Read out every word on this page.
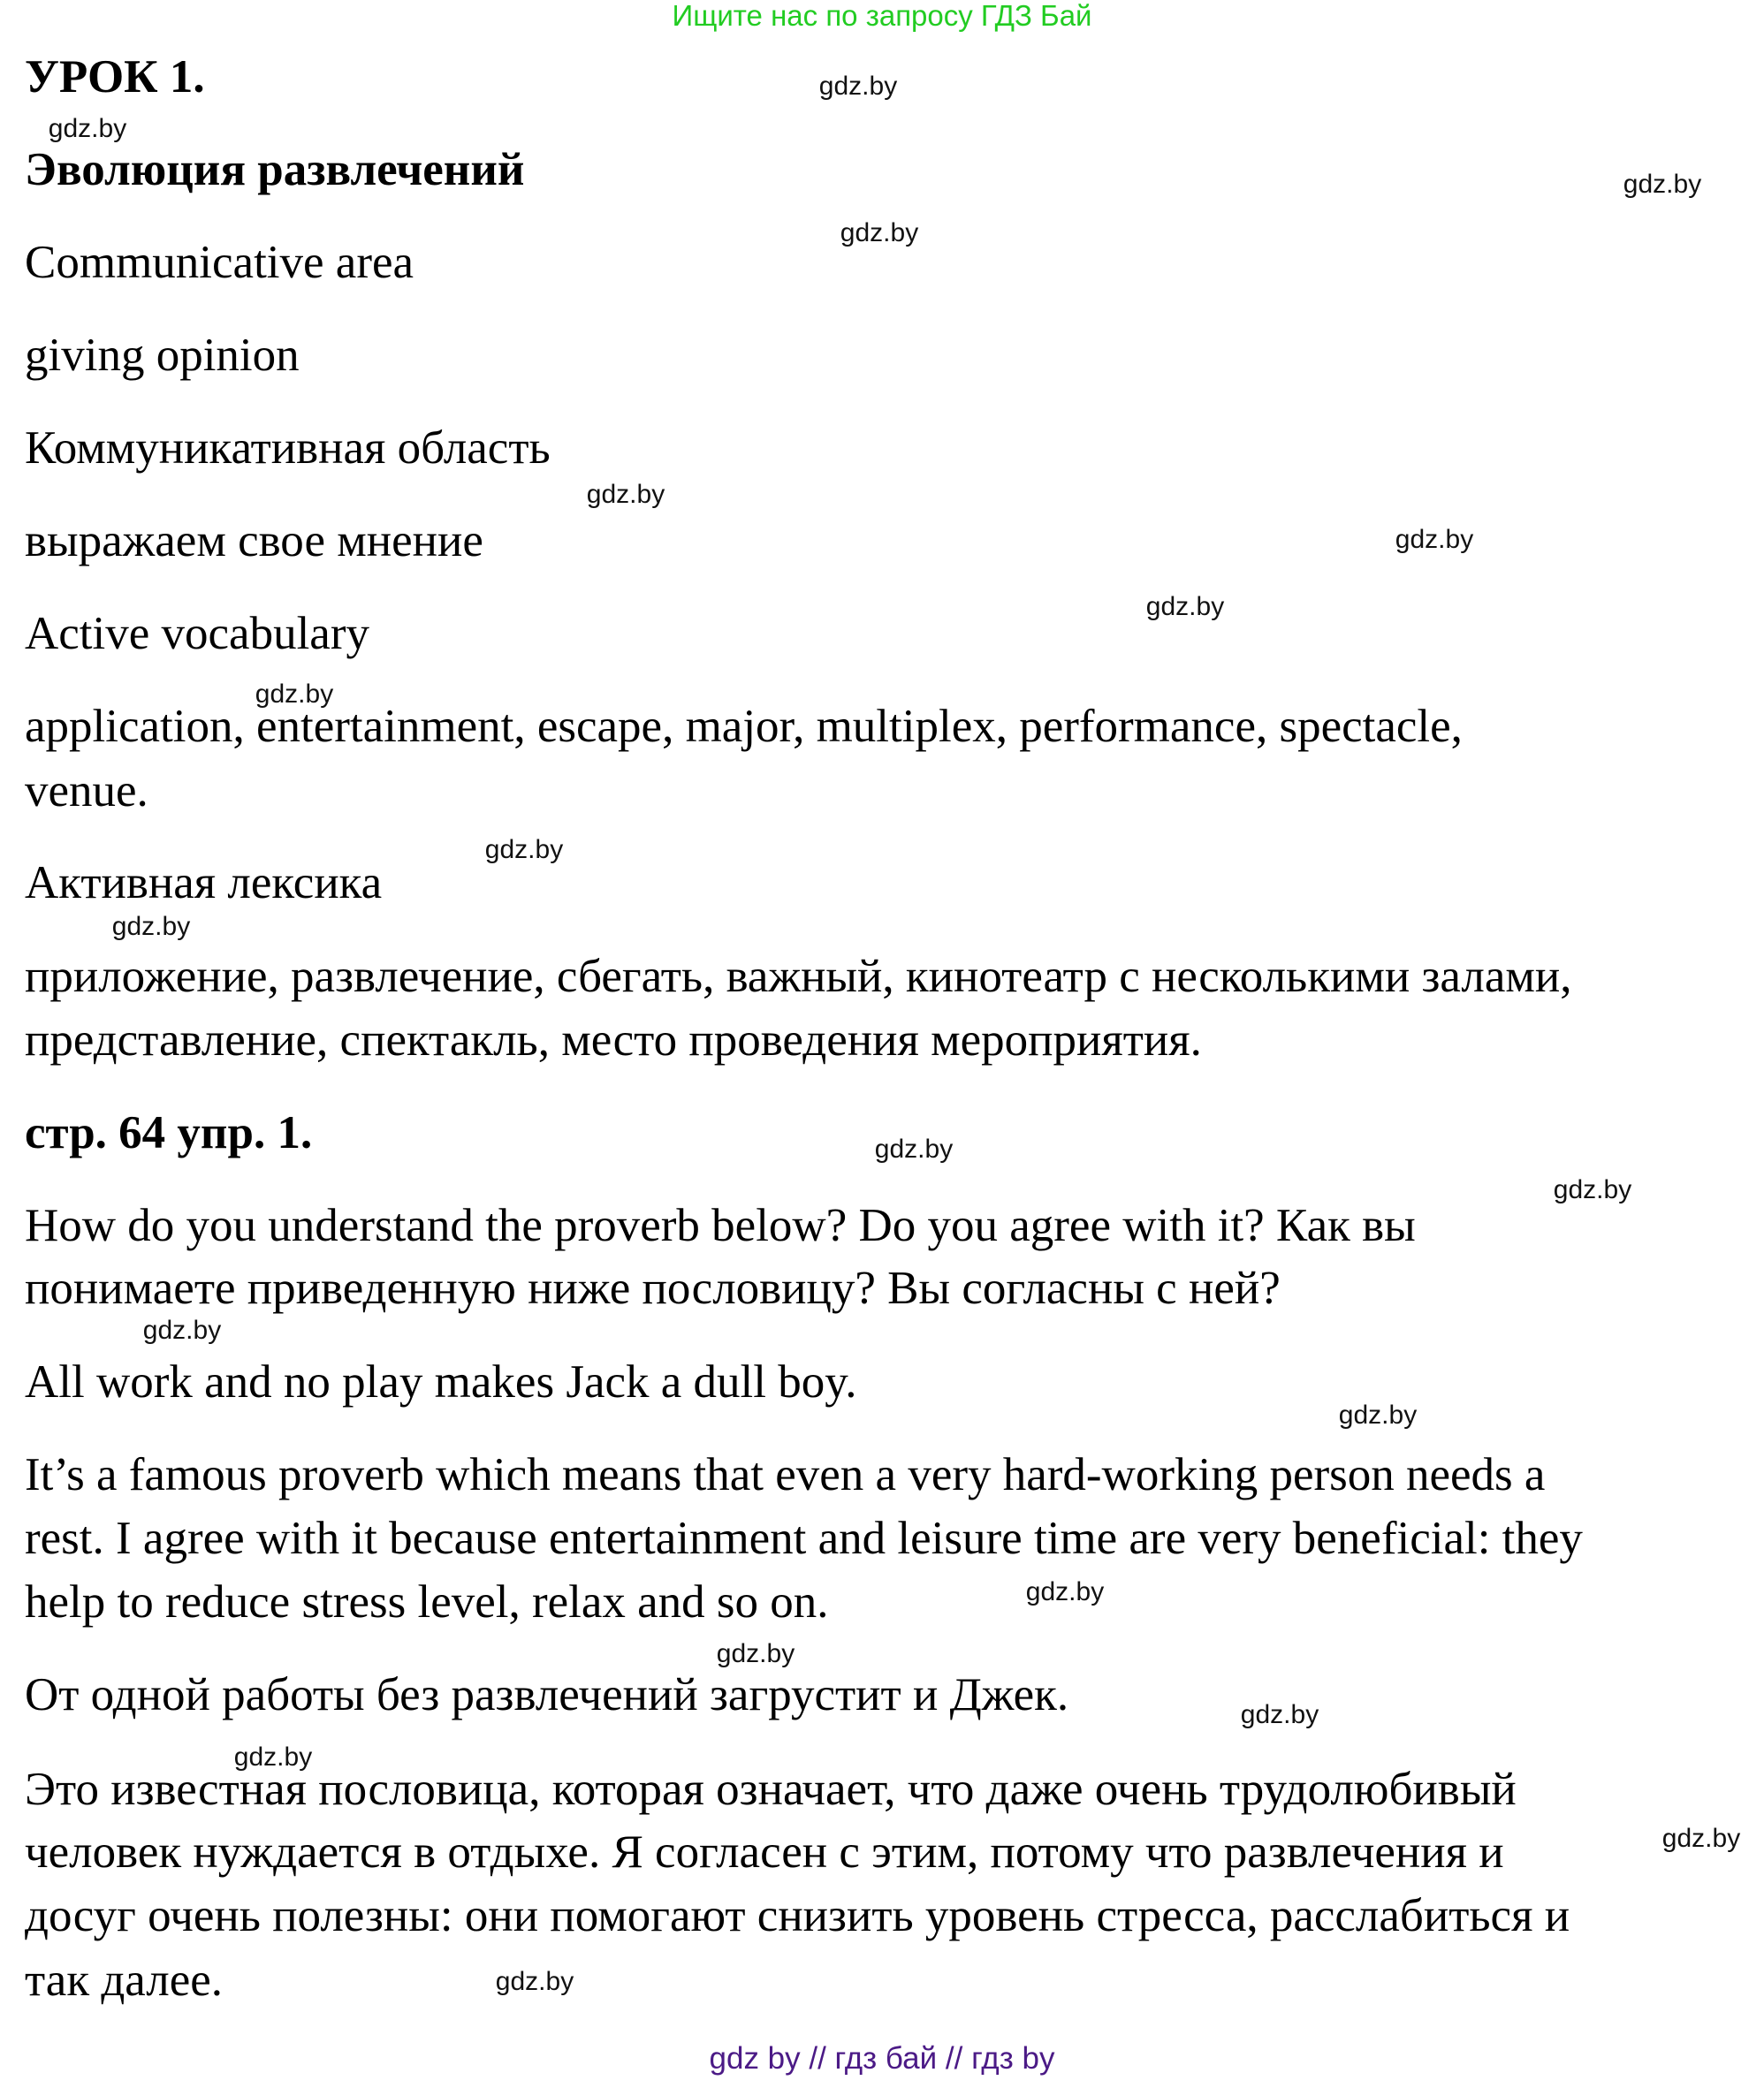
Ищите нас по запросу ГДЗ Бай
УРОК 1.
Эволюция развлечений
Communicative area
giving opinion
Коммуникативная область
выражаем свое мнение
Active vocabulary
application, entertainment, escape, major, multiplex, performance, spectacle,
venue.
Активная лексика
приложение, развлечение, сбегать, важный, кинотеатр с несколькими залами,
представление, спектакль, место проведения мероприятия.
стр. 64 упр. 1.
How do you understand the proverb below? Do you agree with it? Как вы
понимаете приведенную ниже пословицу? Вы согласны с ней?
All work and no play makes Jack a dull boy.
It’s a famous proverb which means that even a very hard-working person needs a
rest. I agree with it because entertainment and leisure time are very beneficial: they
help to reduce stress level, relax and so on.
От одной работы без развлечений загрустит и Джек.
Это известная пословица, которая означает, что даже очень трудолюбивый
человек нуждается в отдыхе. Я согласен с этим, потому что развлечения и
досуг очень полезны: они помогают снизить уровень стресса, расслабиться и
так далее.
gdz.by
gdz.by
gdz.by
gdz.by
gdz.by
gdz.by
gdz.by
gdz.by
gdz.by
gdz.by
gdz.by
gdz.by
gdz.by
gdz.by
gdz.by
gdz.by
gdz.by
gdz.by
gdz.by
gdz.by
gdz by // гдз бай // гдз by
